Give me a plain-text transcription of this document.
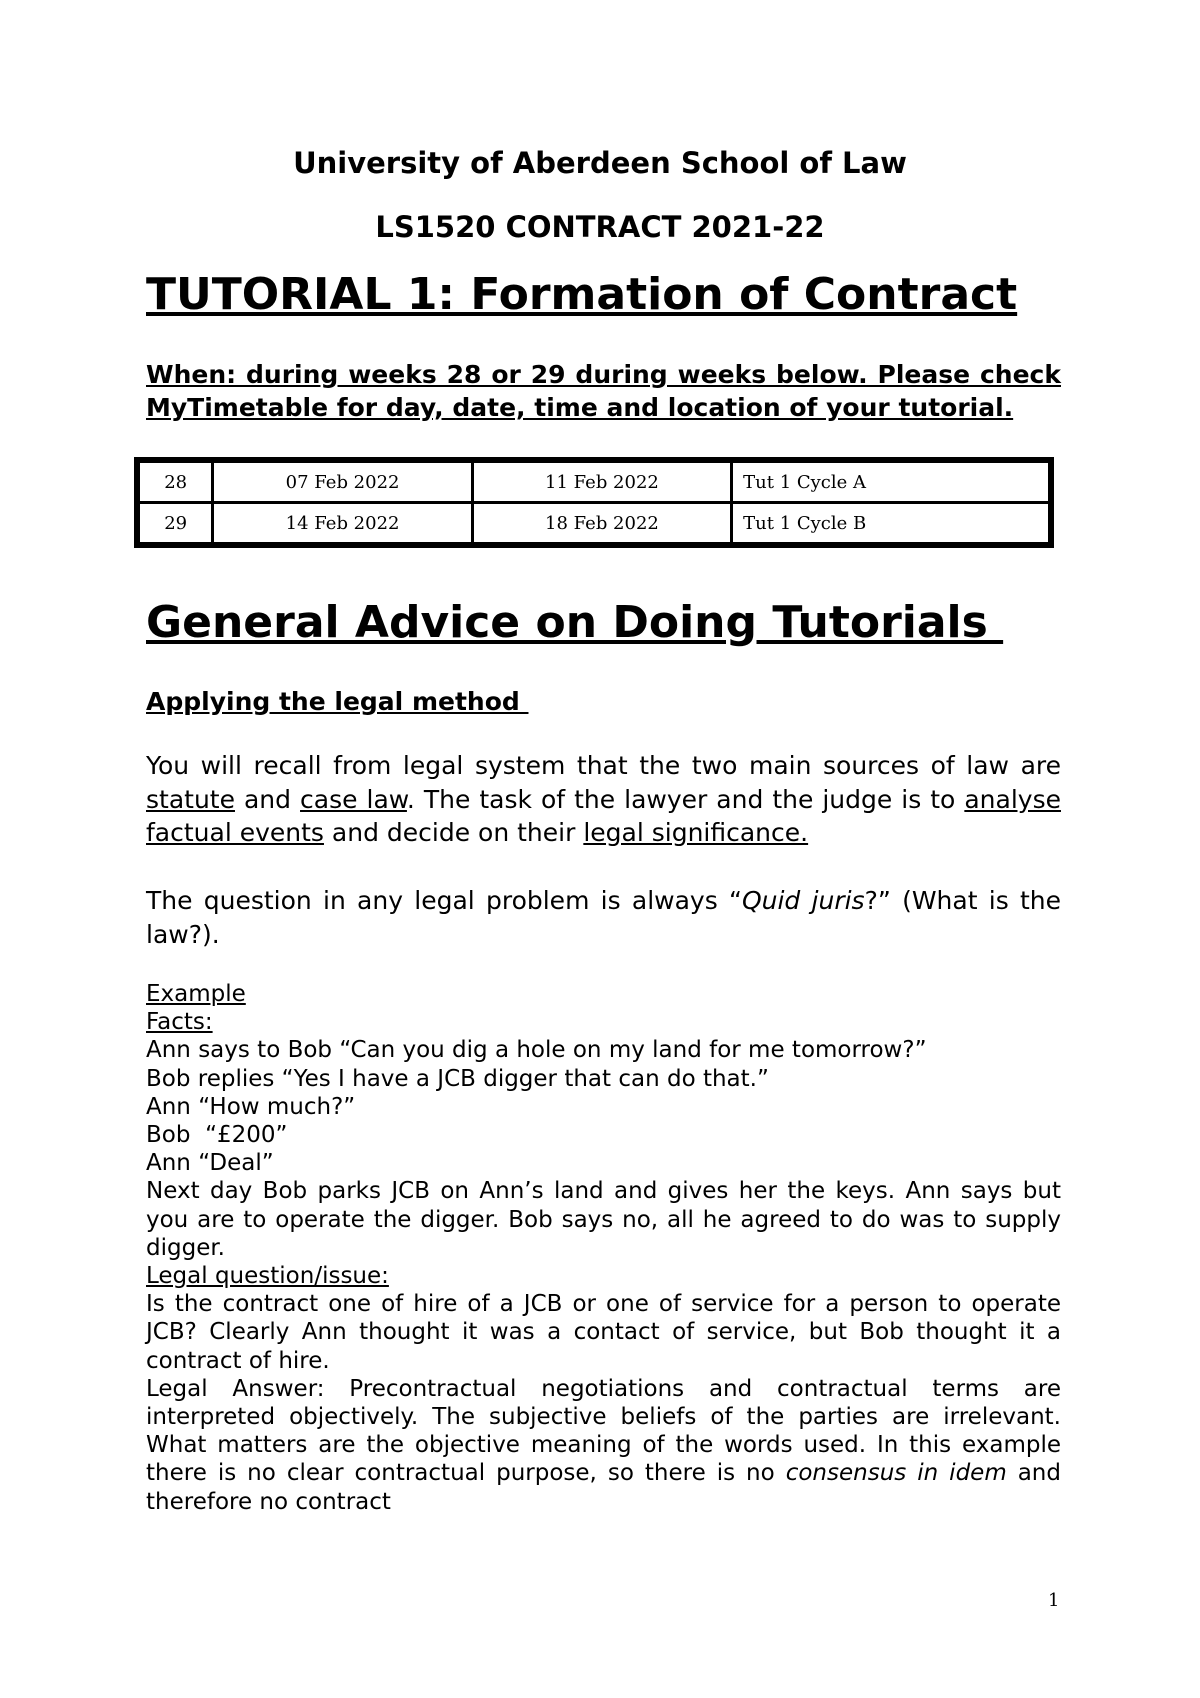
University of Aberdeen School of Law
LS1520 CONTRACT 2021-22
TUTORIAL 1: Formation of Contract
When: during weeks 28 or 29 during weeks below. Please check MyTimetable for day, date, time and location of your tutorial.
28	07 Feb 2022	11 Feb 2022	Tut 1 Cycle A
29	14 Feb 2022	18 Feb 2022	Tut 1 Cycle B
General Advice on Doing Tutorials
Applying the legal method
You will recall from legal system that the two main sources of law are statute and case law. The task of the lawyer and the judge is to analyse factual events and decide on their legal significance.
The question in any legal problem is always “Quid juris?” (What is the law?).
Example
Facts:
Ann says to Bob “Can you dig a hole on my land for me tomorrow?”
Bob replies “Yes I have a JCB digger that can do that.”
Ann “How much?”
Bob  “£200”
Ann “Deal”
Next day Bob parks JCB on Ann’s land and gives her the keys. Ann says but you are to operate the digger. Bob says no, all he agreed to do was to supply digger.
Legal question/issue:
Is the contract one of hire of a JCB or one of service for a person to operate JCB? Clearly Ann thought it was a contact of service, but Bob thought it a contract of hire.
Legal Answer: Precontractual negotiations and contractual terms are interpreted objectively. The subjective beliefs of the parties are irrelevant. What matters are the objective meaning of the words used. In this example there is no clear contractual purpose, so there is no consensus in idem and therefore no contract
1
